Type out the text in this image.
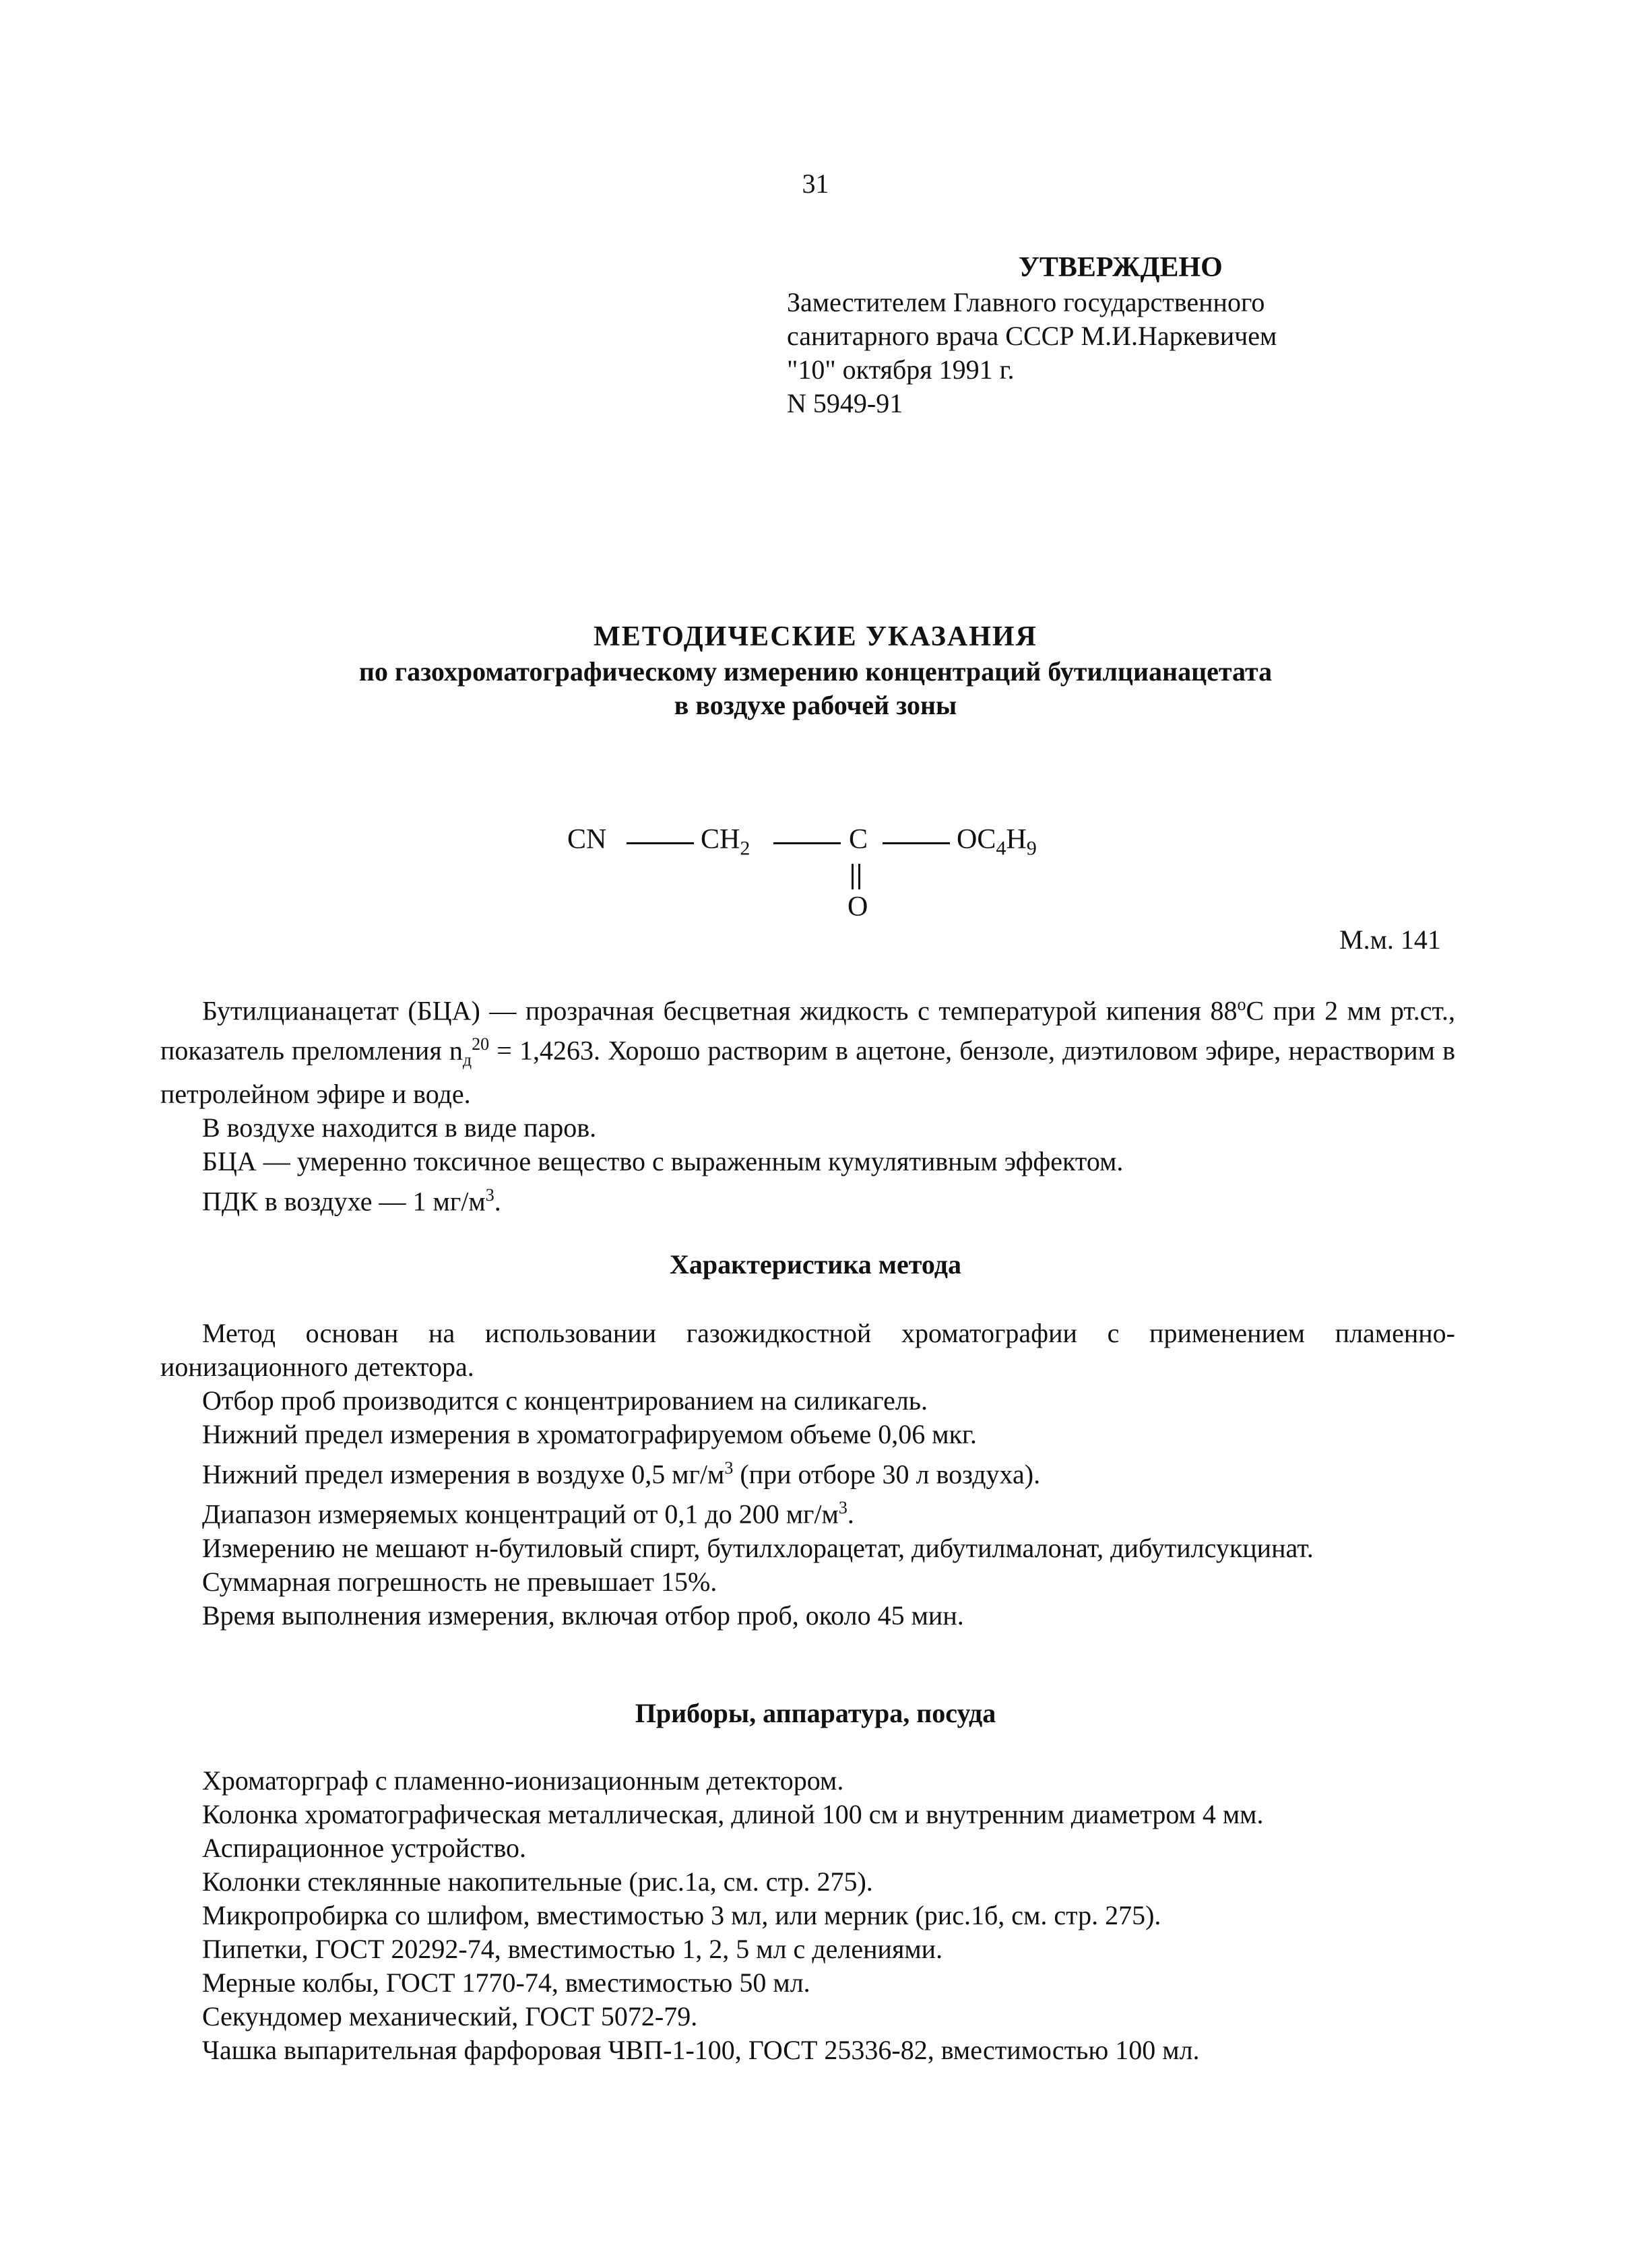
31
УТВЕРЖДЕНО
Заместителем Главного государственного
санитарного врача СССР М.И.Наркевичем
"10" октября 1991 г.
N 5949-91
МЕТОДИЧЕСКИЕ УКАЗАНИЯ
по газохроматографическому измерению концентраций бутилцианацетата
в воздухе рабочей зоны
CN	$CH_2$	C
O
$OC_4H_9$
М.м. 141

Бутилцианацетат (БЦА) — прозрачная бесцветная жидкость с температурой кипения $88^оС$ при 2 мм рт.ст., показатель преломления $n_д^{20} = 1,4263$. Хорошо растворим в ацетоне, бензоле, диэтиловом эфире, нерастворим в петролейном эфире и воде.

В воздухе находится в виде паров.

БЦА — умеренно токсичное вещество с выраженным кумулятивным эффектом.

ПДК в воздухе — 1 $мг/м^3$.

Характеристика метода

Метод основан на использовании газожидкостной хроматографии с применением пламенно-ионизационного детектора.

Отбор проб производится с концентрированием на силикагель.

Нижний предел измерения в хроматографируемом объеме 0,06 мкг.

Нижний предел измерения в воздухе 0,5 $мг/м^3$ (при отборе 30 л воздуха).

Диапазон измеряемых концентраций от 0,1 до 200 $мг/м^3$.

Измерению не мешают н-бутиловый спирт, бутилхлорацетат, дибутилмалонат, дибутилсукцинат.

Суммарная погрешность не превышает 15%.

Время выполнения измерения, включая отбор проб, около 45 мин.

Приборы, аппаратура, посуда
Хроматорграф с пламенно-ионизационным детектором.
Колонка хроматографическая металлическая, длиной 100 см и внутренним диаметром 4 мм.
Аспирационное устройство.
Колонки стеклянные накопительные (рис.1а, см. стр. 275).
Микропробирка со шлифом, вместимостью 3 мл, или мерник (рис.1б, см. стр. 275).
Пипетки, ГОСТ 20292-74, вместимостью 1, 2, 5 мл с делениями.
Мерные колбы, ГОСТ 1770-74, вместимостью 50 мл.
Секундомер механический, ГОСТ 5072-79.
Чашка выпарительная фарфоровая ЧВП-1-100, ГОСТ 25336-82, вместимостью 100 мл.
